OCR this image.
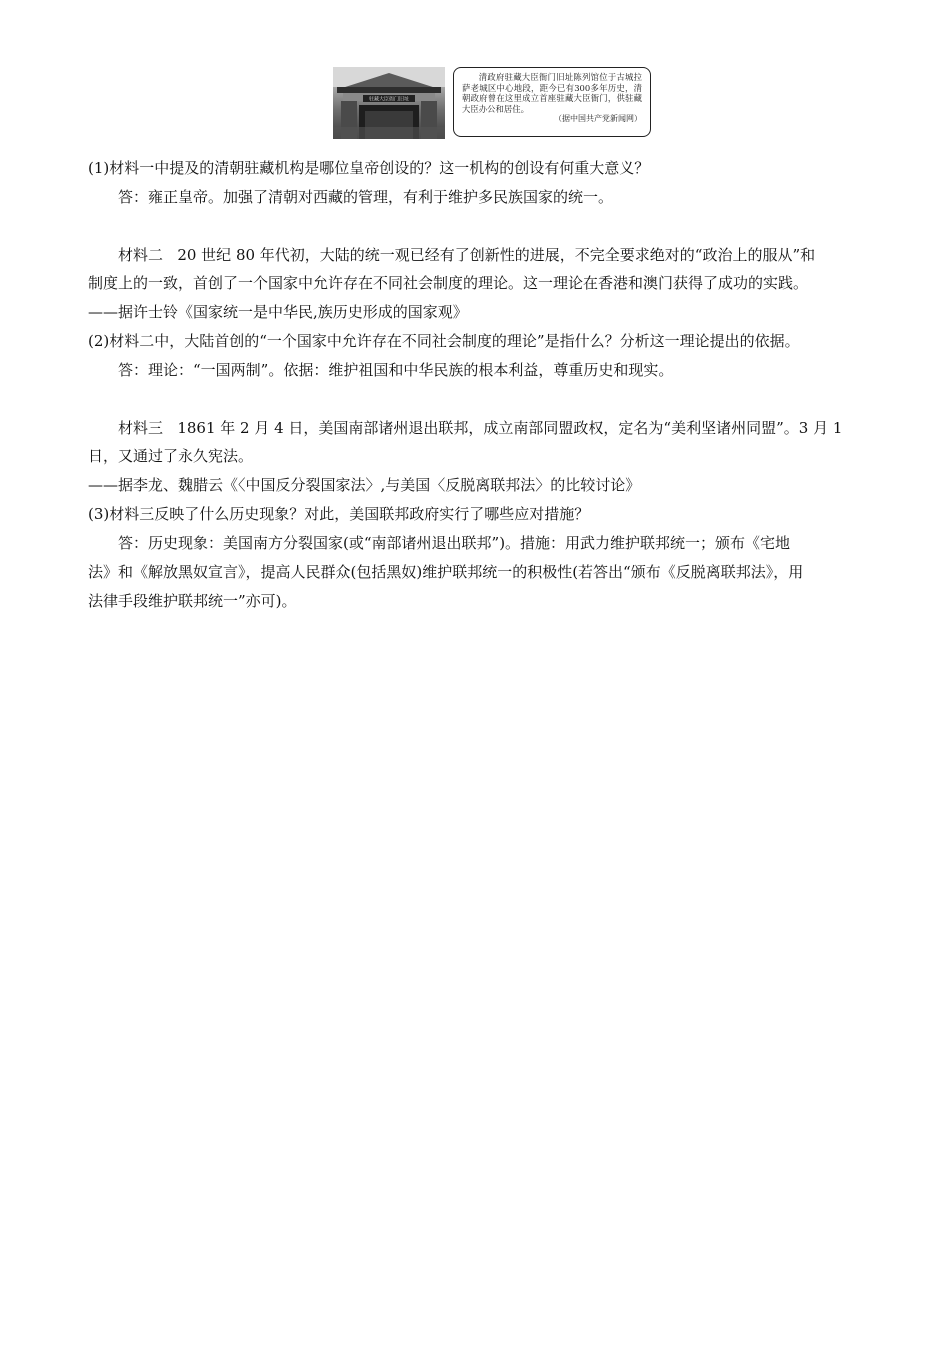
驻藏大臣衙门旧址
清政府驻藏大臣衙门旧址陈列馆位于古城拉萨老城区中心地段，距今已有300多年历史，清朝政府曾在这里成立首座驻藏大臣衙门，供驻藏大臣办公和居住。
（据中国共产党新闻网）

(1)材料一中提及的清朝驻藏机构是哪位皇帝创设的？这一机构的创设有何重大意义？

答：雍正皇帝。加强了清朝对西藏的管理，有利于维护多民族国家的统一。

材料二 20 世纪 80 年代初，大陆的统一观已经有了创新性的进展，不完全要求绝对的“政治上的服从”和

制度上的一致，首创了一个国家中允许存在不同社会制度的理论。这一理论在香港和澳门获得了成功的实践。

——据许士铃《国家统一是中华民,族历史形成的国家观》

(2)材料二中，大陆首创的“一个国家中允许存在不同社会制度的理论”是指什么？分析这一理论提出的依据。

答：理论：“一国两制”。依据：维护祖国和中华民族的根本利益，尊重历史和现实。

材料三 1861 年 2 月 4 日，美国南部诸州退出联邦，成立南部同盟政权，定名为“美利坚诸州同盟”。3 月 1

日，又通过了永久宪法。

——据李龙、魏腊云《〈中国反分裂国家法〉,与美国〈反脱离联邦法〉的比较讨论》

(3)材料三反映了什么历史现象？对此，美国联邦政府实行了哪些应对措施？

答：历史现象：美国南方分裂国家(或“南部诸州退出联邦”)。措施：用武力维护联邦统一；颁布《宅地

法》和《解放黑奴宣言》，提高人民群众(包括黑奴)维护联邦统一的积极性(若答出“颁布《反脱离联邦法》，用

法律手段维护联邦统一”亦可)。
